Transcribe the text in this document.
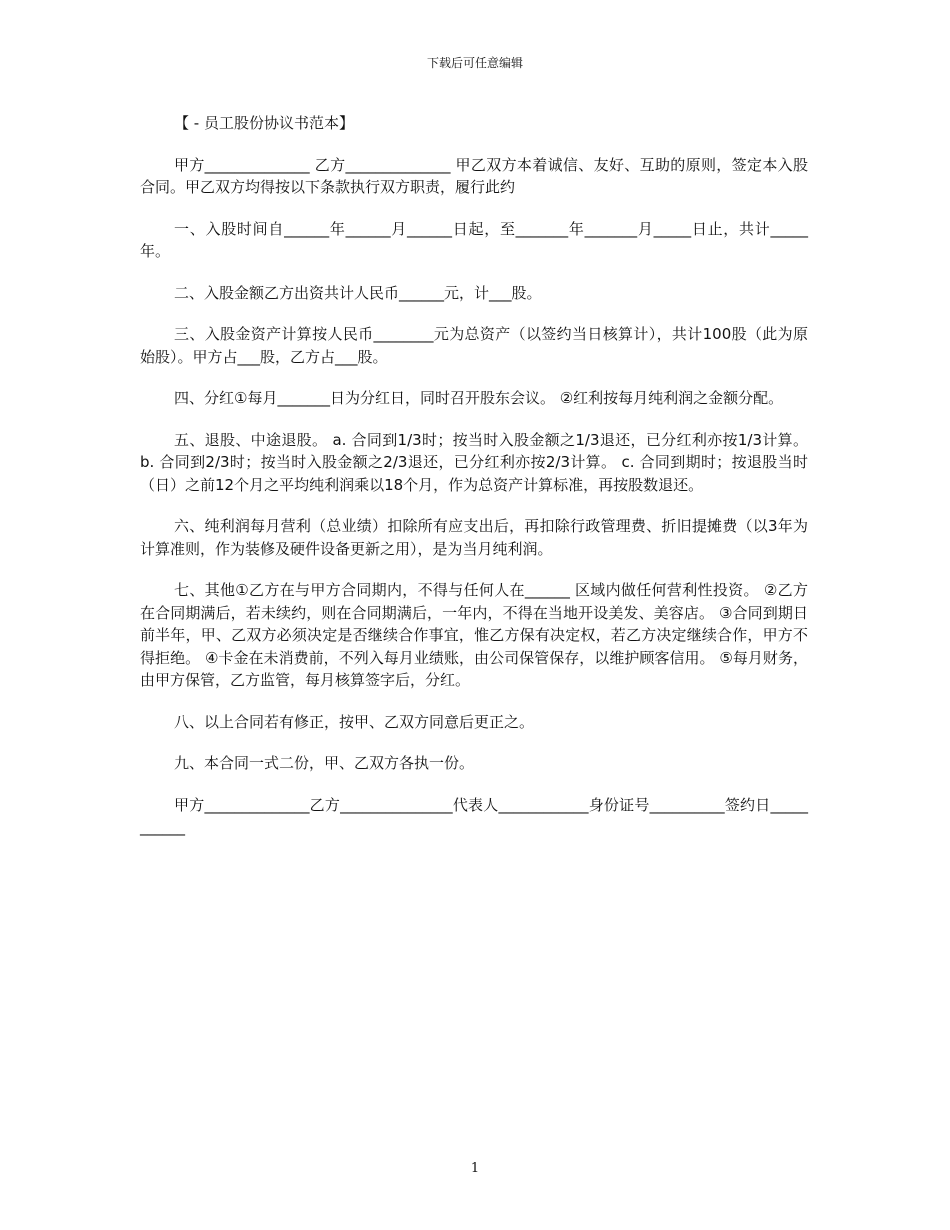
下载后可任意编辑
【 - 员工股份协议书范本】

甲方______________ 乙方______________ 甲乙双方本着诚信、友好、互助的原则，签定本入股合同。甲乙双方均得按以下条款执行双方职责，履行此约

一、入股时间自______年______月______日起，至_______年_______月_____日止，共计_____年。

二、入股金额乙方出资共计人民币______元，计___股。

三、入股金资产计算按人民币________元为总资产（以签约当日核算计），共计100股（此为原始股）。甲方占___股，乙方占___股。

四、分红①每月_______日为分红日，同时召开股东会议。 ②红利按每月纯利润之金额分配。

五、退股、中途退股。 a. 合同到1/3时；按当时入股金额之1/3退还，已分红利亦按1/3计算。 b. 合同到2/3时；按当时入股金额之2/3退还，已分红利亦按2/3计算。 c. 合同到期时；按退股当时（日）之前12个月之平均纯利润乘以18个月，作为总资产计算标准，再按股数退还。

六、纯利润每月营利（总业绩）扣除所有应支出后，再扣除行政管理费、折旧提摊费（以3年为计算准则，作为装修及硬件设备更新之用），是为当月纯利润。

七、其他①乙方在与甲方合同期内，不得与任何人在______ 区域内做任何营利性投资。 ②乙方在合同期满后，若未续约，则在合同期满后，一年内，不得在当地开设美发、美容店。 ③合同到期日前半年，甲、乙双方必须决定是否继续合作事宜，惟乙方保有决定权，若乙方决定继续合作，甲方不得拒绝。 ④卡金在未消费前，不列入每月业绩账，由公司保管保存，以维护顾客信用。 ⑤每月财务，由甲方保管，乙方监管，每月核算签字后，分红。

八、以上合同若有修正，按甲、乙双方同意后更正之。

九、本合同一式二份，甲、乙双方各执一份。

甲方______________乙方_______________代表人____________身份证号__________签约日___________

1
